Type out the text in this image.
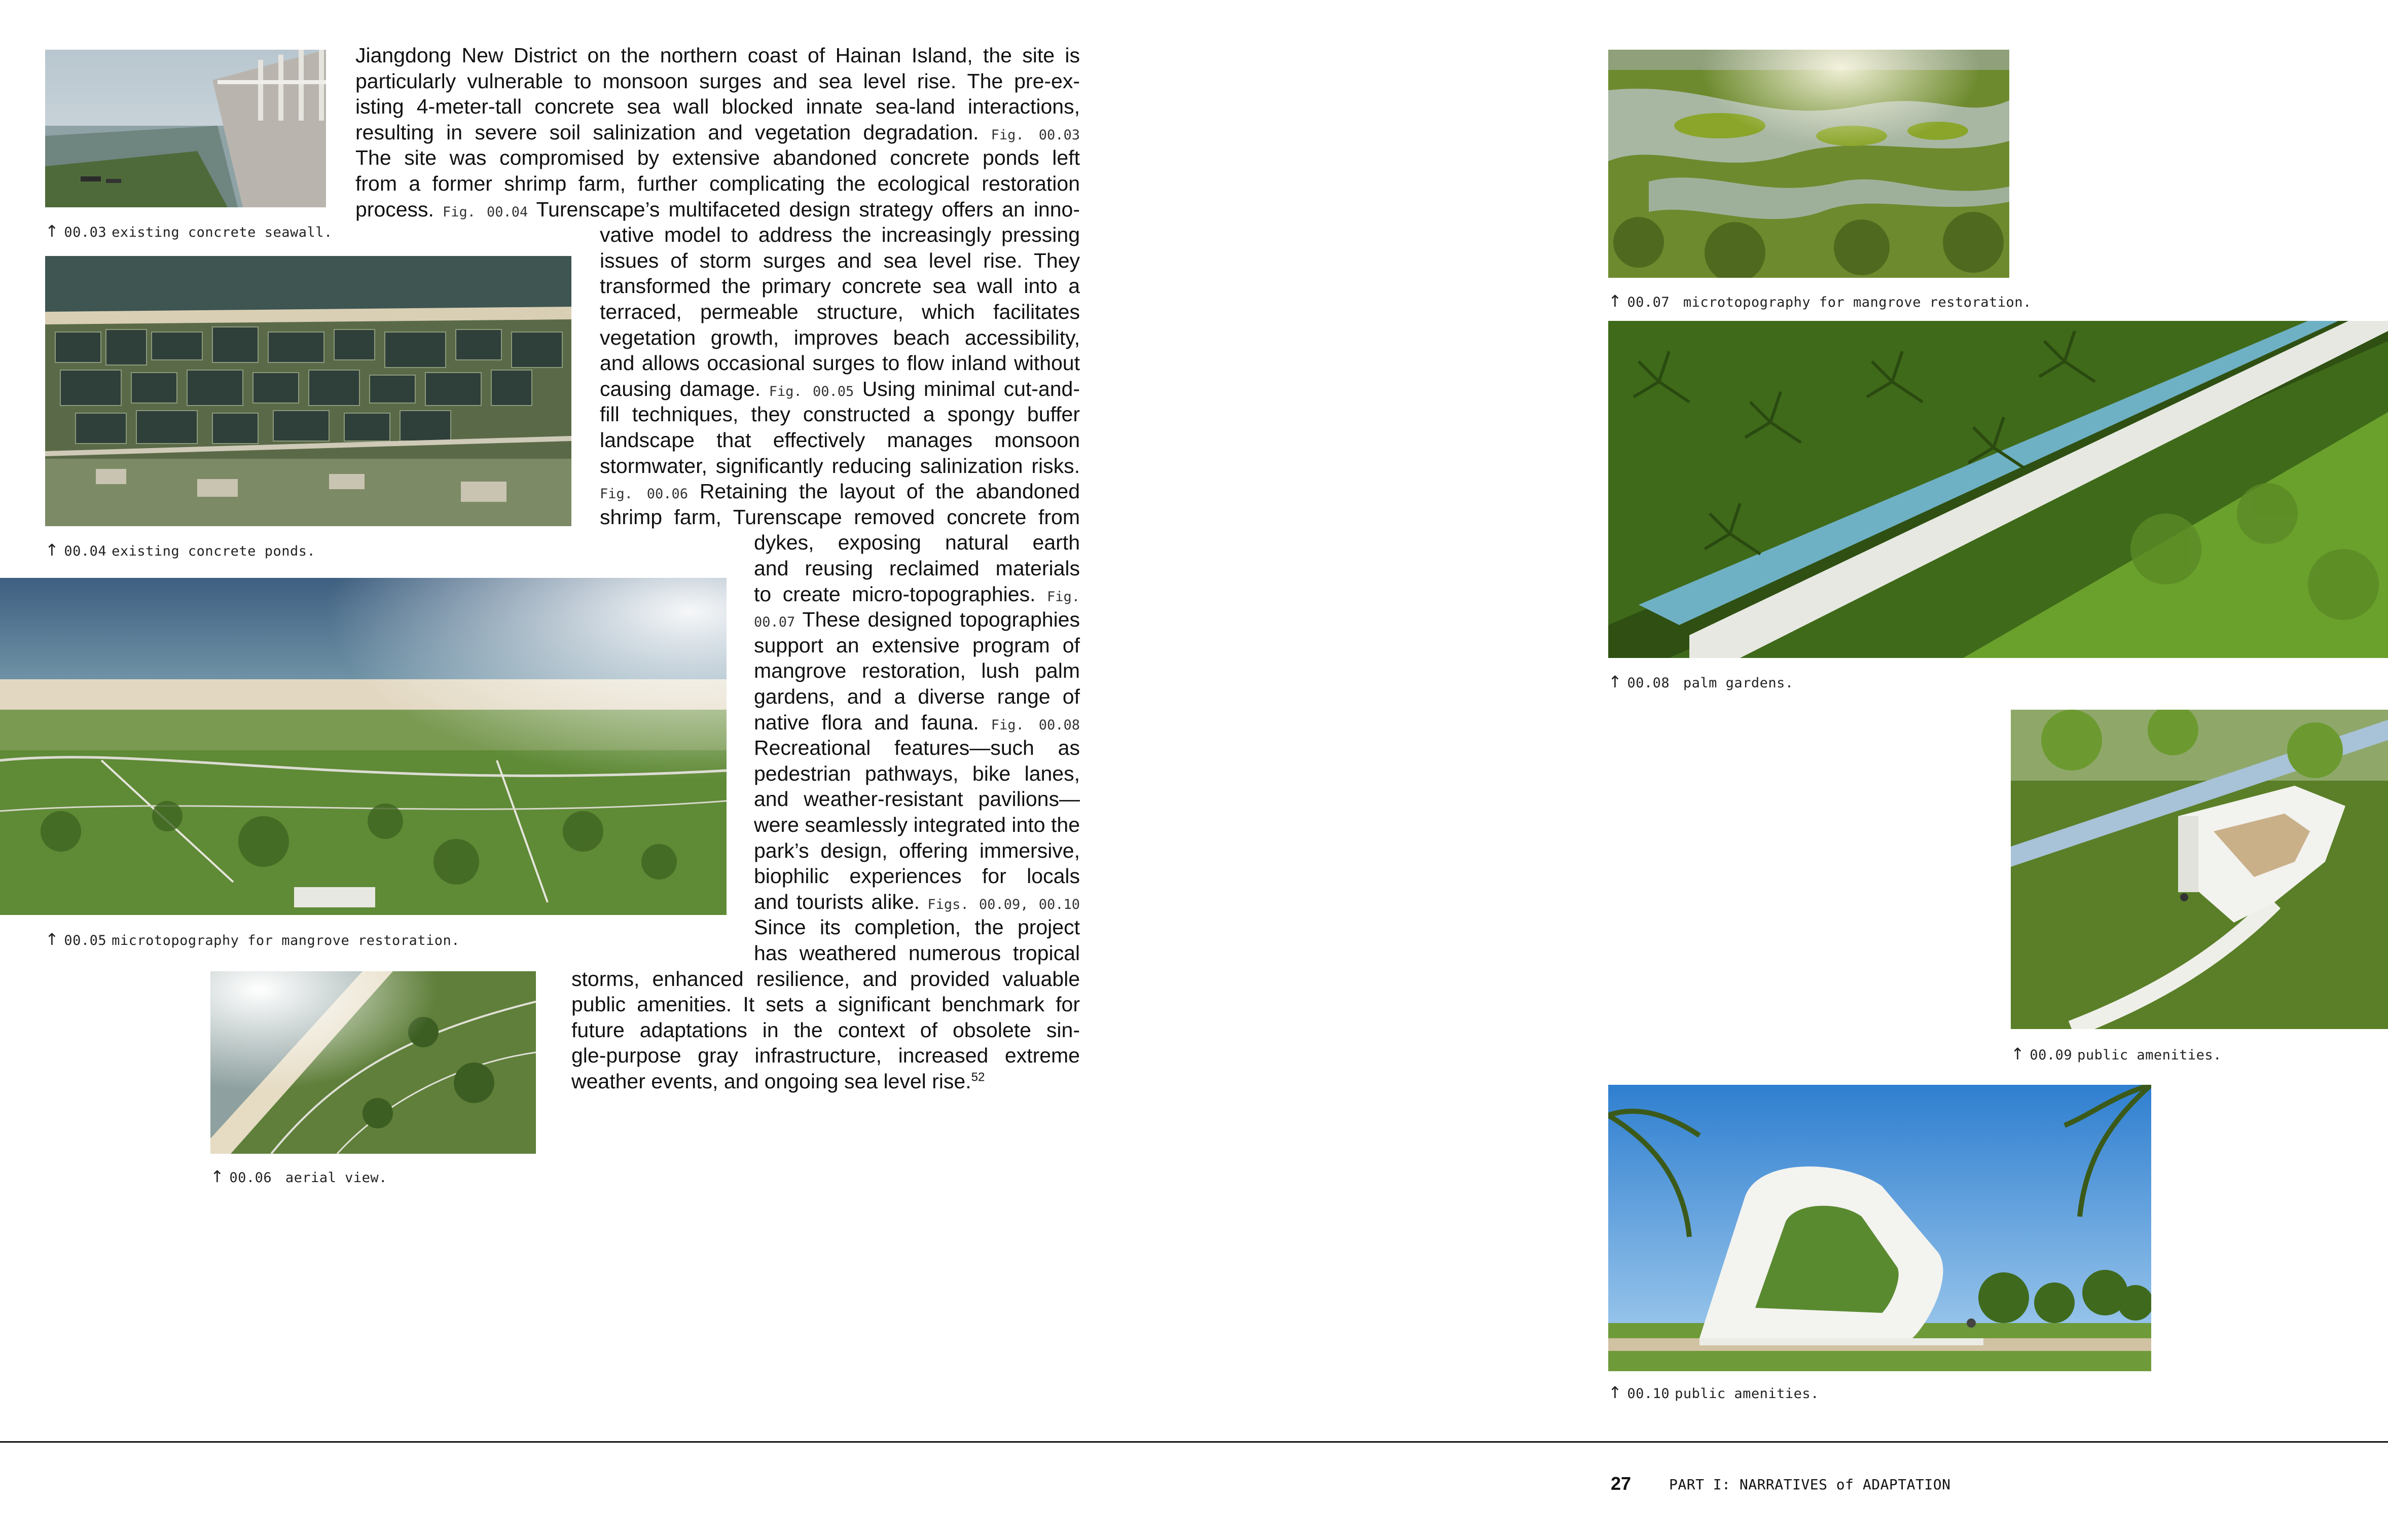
↑ 00.03 existing concrete seawall.
↑ 00.04 existing concrete ponds.
↑ 00.05 microtopography for mangrove restoration.
↑ 00.06 aerial view.
Jiangdong New District on the northern coast of Hainan Island, the site is
particularly vulnerable to monsoon surges and sea level rise. The pre-ex-
isting 4-meter-tall concrete sea wall blocked innate sea-land interactions,
resulting in severe soil salinization and vegetation degradation. Fig. 00.03
The site was compromised by extensive abandoned concrete ponds left
from a former shrimp farm, further complicating the ecological restoration
process. Fig. 00.04 Turenscape’s multifaceted design strategy offers an inno-
vative model to address the increasingly pressing
issues of storm surges and sea level rise. They
transformed the primary concrete sea wall into a
terraced, permeable structure, which facilitates
vegetation growth, improves beach accessibility,
and allows occasional surges to flow inland without
causing damage. Fig. 00.05 Using minimal cut-and-
fill techniques, they constructed a spongy buffer
landscape that effectively manages monsoon
stormwater, significantly reducing salinization risks.
Fig. 00.06 Retaining the layout of the abandoned
shrimp farm, Turenscape removed concrete from
dykes, exposing natural earth
and reusing reclaimed materials
to create micro-topographies. Fig.
00.07 These designed topographies
support an extensive program of
mangrove restoration, lush palm
gardens, and a diverse range of
native flora and fauna. Fig. 00.08
Recreational features—such as
pedestrian pathways, bike lanes,
and weather-resistant pavilions—
were seamlessly integrated into the
park’s design, offering immersive,
biophilic experiences for locals
and tourists alike. Figs. 00.09, 00.10
Since its completion, the project
has weathered numerous tropical
storms, enhanced resilience, and provided valuable
public amenities. It sets a significant benchmark for
future adaptations in the context of obsolete sin-
gle-purpose gray infrastructure, increased extreme
weather events, and ongoing sea level rise.$^{52}$
↑ 00.07 microtopography for mangrove restoration.
↑ 00.08 palm gardens.
↑ 00.09 public amenities.
↑ 00.10 public amenities.
27	PART I: NARRATIVES of ADAPTATION
